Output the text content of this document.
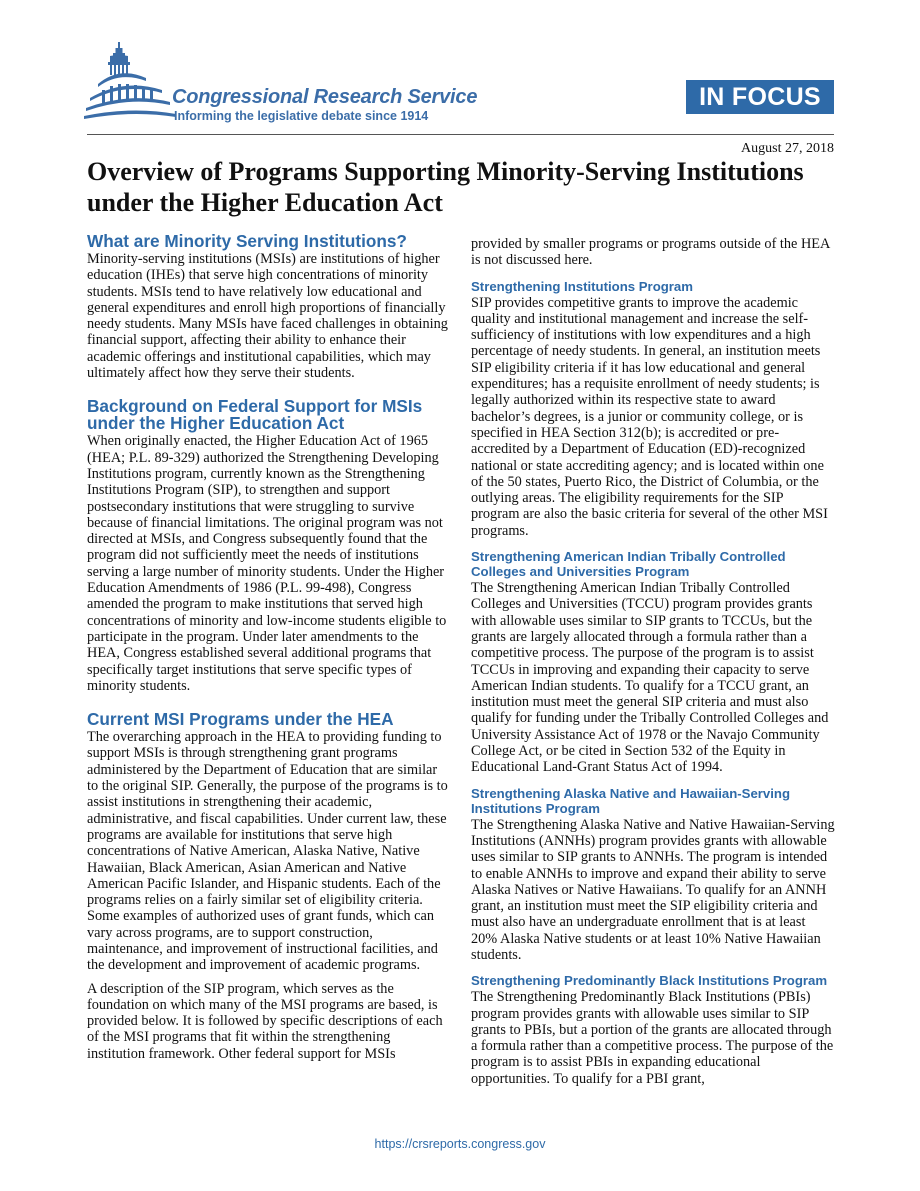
Congressional Research Service
Informing the legislative debate since 1914
IN FOCUS
August 27, 2018
Overview of Programs Supporting Minority-Serving Institutions under the Higher Education Act
What are Minority Serving Institutions?

Minority-serving institutions (MSIs) are institutions of higher education (IHEs) that serve high concentrations of minority students. MSIs tend to have relatively low educational and general expenditures and enroll high proportions of financially needy students. Many MSIs have faced challenges in obtaining financial support, affecting their ability to enhance their academic offerings and institutional capabilities, which may ultimately affect how they serve their students.

Background on Federal Support for MSIs under the Higher Education Act

When originally enacted, the Higher Education Act of 1965 (HEA; P.L. 89-329) authorized the Strengthening Developing Institutions program, currently known as the Strengthening Institutions Program (SIP), to strengthen and support postsecondary institutions that were struggling to survive because of financial limitations. The original program was not directed at MSIs, and Congress subsequently found that the program did not sufficiently meet the needs of institutions serving a large number of minority students. Under the Higher Education Amendments of 1986 (P.L. 99-498), Congress amended the program to make institutions that served high concentrations of minority and low-income students eligible to participate in the program. Under later amendments to the HEA, Congress established several additional programs that specifically target institutions that serve specific types of minority students.

Current MSI Programs under the HEA

The overarching approach in the HEA to providing funding to support MSIs is through strengthening grant programs administered by the Department of Education that are similar to the original SIP. Generally, the purpose of the programs is to assist institutions in strengthening their academic, administrative, and fiscal capabilities. Under current law, these programs are available for institutions that serve high concentrations of Native American, Alaska Native, Native Hawaiian, Black American, Asian American and Native American Pacific Islander, and Hispanic students. Each of the programs relies on a fairly similar set of eligibility criteria. Some examples of authorized uses of grant funds, which can vary across programs, are to support construction, maintenance, and improvement of instructional facilities, and the development and improvement of academic programs.

A description of the SIP program, which serves as the foundation on which many of the MSI programs are based, is provided below. It is followed by specific descriptions of each of the MSI programs that fit within the strengthening institution framework. Other federal support for MSIs

provided by smaller programs or programs outside of the HEA is not discussed here.

Strengthening Institutions Program

SIP provides competitive grants to improve the academic quality and institutional management and increase the self-sufficiency of institutions with low expenditures and a high percentage of needy students. In general, an institution meets SIP eligibility criteria if it has low educational and general expenditures; has a requisite enrollment of needy students; is legally authorized within its respective state to award bachelor’s degrees, is a junior or community college, or is specified in HEA Section 312(b); is accredited or pre-accredited by a Department of Education (ED)-recognized national or state accrediting agency; and is located within one of the 50 states, Puerto Rico, the District of Columbia, or the outlying areas. The eligibility requirements for the SIP program are also the basic criteria for several of the other MSI programs.

Strengthening American Indian Tribally Controlled Colleges and Universities Program

The Strengthening American Indian Tribally Controlled Colleges and Universities (TCCU) program provides grants with allowable uses similar to SIP grants to TCCUs, but the grants are largely allocated through a formula rather than a competitive process. The purpose of the program is to assist TCCUs in improving and expanding their capacity to serve American Indian students. To qualify for a TCCU grant, an institution must meet the general SIP criteria and must also qualify for funding under the Tribally Controlled Colleges and University Assistance Act of 1978 or the Navajo Community College Act, or be cited in Section 532 of the Equity in Educational Land-Grant Status Act of 1994.

Strengthening Alaska Native and Hawaiian-Serving Institutions Program

The Strengthening Alaska Native and Native Hawaiian-Serving Institutions (ANNHs) program provides grants with allowable uses similar to SIP grants to ANNHs. The program is intended to enable ANNHs to improve and expand their ability to serve Alaska Natives or Native Hawaiians. To qualify for an ANNH grant, an institution must meet the SIP eligibility criteria and must also have an undergraduate enrollment that is at least 20% Alaska Native students or at least 10% Native Hawaiian students.

Strengthening Predominantly Black Institutions Program

The Strengthening Predominantly Black Institutions (PBIs) program provides grants with allowable uses similar to SIP grants to PBIs, but a portion of the grants are allocated through a formula rather than a competitive process. The purpose of the program is to assist PBIs in expanding educational opportunities. To qualify for a PBI grant,

https://crsreports.congress.gov
